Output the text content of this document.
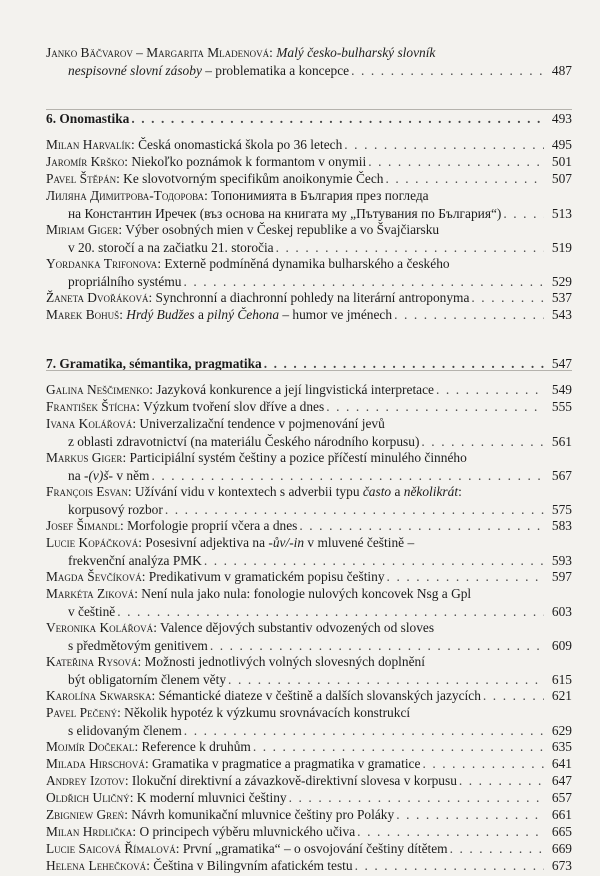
Janko Bäčvarov – Margarita Mladenová: Malý česko-bulharský slovník
nespisovné slovní zásoby – problematika a koncepce . . .	487
6. Onomastika . . .	493
Milan Harvalík: Česká onomastická škola po 36 letech . . .	495
Jaromír Krško: Niekoľko poznámok k formantom v onymii . . .	501
Pavel Štěpán: Ke slovotvorným specifikům anoikonymie Čech . . .	507
Лиляна Димитрова-Тодорова: Топонимията в България през погледа
на Константин Иречек (въз основа на книгата му „Пътувания по България“) . . .	513
Miriam Giger: Výber osobných mien v Českej republike a vo Švajčiarsku
v 20. storočí a na začiatku 21. storočia . . .	519
Yordanka Trifonova: Externě podmíněná dynamika bulharského a českého
propriálního systému . . .	529
Žaneta Dvořáková: Synchronní a diachronní pohledy na literární antroponyma . . .	537
Marek Bohuš: Hrdý Budžes a pilný Čehona – humor ve jménech . . .	543
7. Gramatika, sémantika, pragmatika . . .	547
Galina Neščimenko: Jazyková konkurence a její lingvistická interpretace . . .	549
František Štícha: Výzkum tvoření slov dříve a dnes . . .	555
Ivana Kolářová: Univerzalizační tendence v pojmenování jevů
z oblasti zdravotnictví (na materiálu Českého národního korpusu) . . .	561
Markus Giger: Participiální systém češtiny a pozice příčestí minulého činného
na -(v)š- v něm . . .	567
François Esvan: Užívání vidu v kontextech s adverbii typu často a několikrát:
korpusový rozbor . . .	575
Josef Šimandl: Morfologie proprií včera a dnes . . .	583
Lucie Kopáčková: Posesivní adjektiva na -ův/-in v mluvené češtině –
frekvenční analýza PMK . . .	593
Magda Ševčíková: Predikativum v gramatickém popisu češtiny . . .	597
Markéta Ziková: Není nula jako nula: fonologie nulových koncovek Nsg a Gpl
v češtině . . .	603
Veronika Kolářová: Valence dějových substantiv odvozených od sloves
s předmětovým genitivem . . .	609
Kateřina Rysová: Možnosti jednotlivých volných slovesných doplnění
být obligatorním členem věty . . .	615
Karolína Skwarska: Sémantické diateze v češtině a dalších slovanských jazycích . . .	621
Pavel Pečený: Několik hypotéz k výzkumu srovnávacích konstrukcí
s elidovaným členem . . .	629
Mojmír Dočekal: Reference k druhům . . .	635
Milada Hirschová: Gramatika v pragmatice a pragmatika v gramatice . . .	641
Andrey Izotov: Ilokuční direktivní a závazkově-direktivní slovesa v korpusu . . .	647
Oldřich Uličný: K moderní mluvnici češtiny . . .	657
Zbigniew Greń: Návrh komunikační mluvnice češtiny pro Poláky . . .	661
Milan Hrdlička: O principech výběru mluvnického učiva . . .	665
Lucie Saicová Římalová: První „gramatika“ – o osvojování češtiny dítětem . . .	669
Helena Lehečková: Čeština v Bilingvním afatickém testu . . .	673
